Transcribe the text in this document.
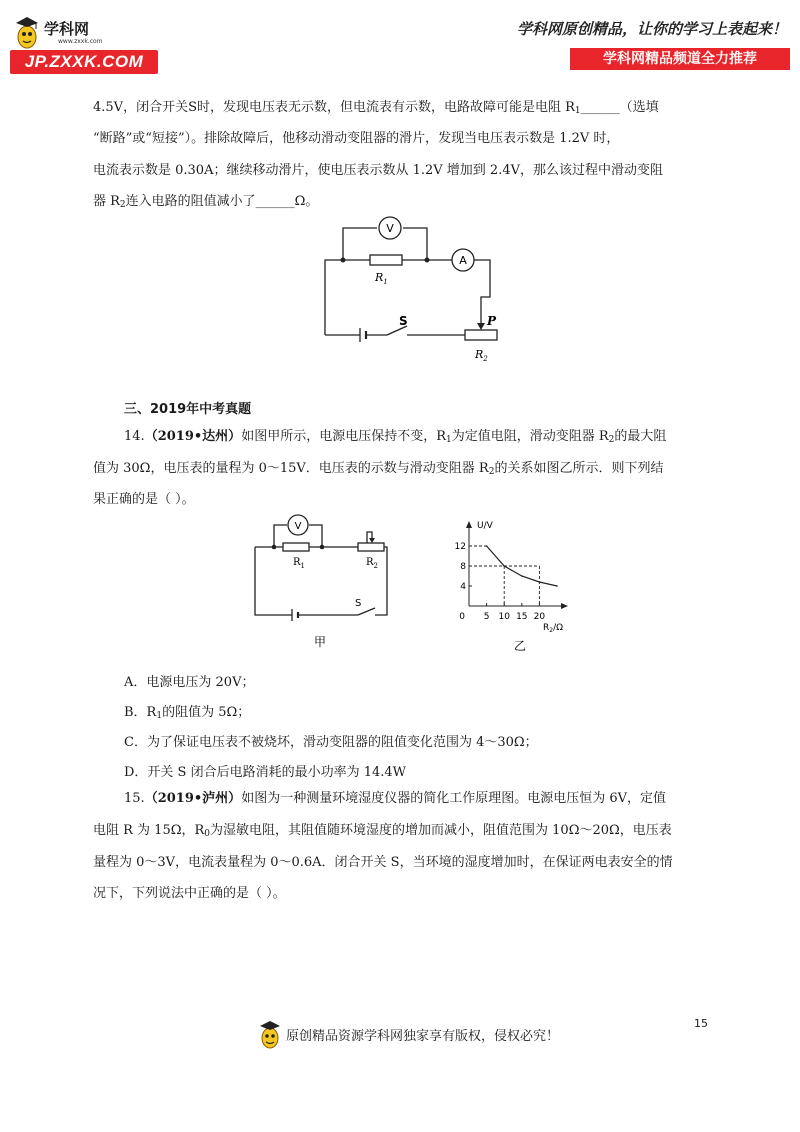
学科网
www.zxxk.com
JP.ZXXK.COM
学科网原创精品，让你的学习上表起来！
学科网精品频道全力推荐
4.5V，闭合开关S时，发现电压表无示数，但电流表有示数，电路故障可能是电阻 $R_1\_\_\_\_\_\_$（选填
“断路”或“短接”）。排除故障后，他移动滑动变阻器的滑片，发现当电压表示数是 1.2V 时，
电流表示数是 0.30A；继续移动滑片，使电压表示数从 1.2V 增加到 2.4V，那么该过程中滑动变阻
器 $R_2$连入电路的阻值减小了______Ω。
V
$R_1$
A
S	P
$R_2$
三、2019年中考真题
14.（2019•达州）如图甲所示，电源电压保持不变，$R_1$为定值电阻，滑动变阻器 $R_2$的最大阻
值为 30Ω，电压表的量程为 0～15V．电压表的示数与滑动变阻器 $R_2$的关系如图乙所示．则下列结
果正确的是（ ）。
V
$R_1$	$R_2$
S
甲
5 10 15 20
4
8
12
U/V
0
$R_2/\Omega$
乙
A．电源电压为 20V；
B．$R_1$的阻值为 5Ω；
C．为了保证电压表不被烧坏，滑动变阻器的阻值变化范围为 4～30Ω；
D．开关 S 闭合后电路消耗的最小功率为 14.4W
15.（2019•泸州）如图为一种测量环境湿度仪器的简化工作原理图。电源电压恒为 6V，定值
电阻 R 为 15Ω，$R_0$为湿敏电阻，其阻值随环境湿度的增加而减小，阻值范围为 10Ω～20Ω，电压表
量程为 0～3V，电流表量程为 0～0.6A．闭合开关 S，当环境的湿度增加时，在保证两电表安全的情
况下，下列说法中正确的是（ ）。
15
原创精品资源学科网独家享有版权，侵权必究！
